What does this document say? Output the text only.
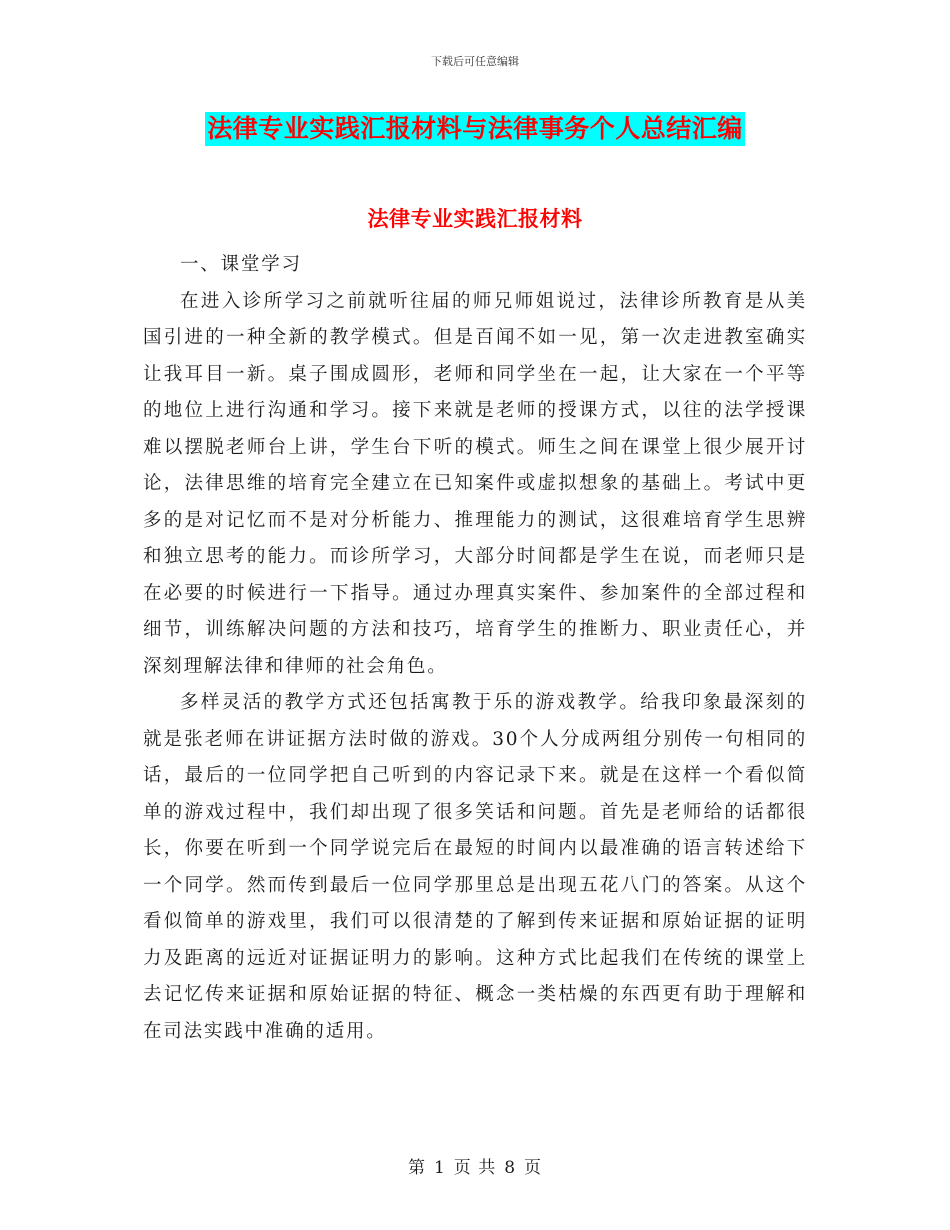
下载后可任意编辑
法律专业实践汇报材料与法律事务个人总结汇编
法律专业实践汇报材料

一、课堂学习

在进入诊所学习之前就听往届的师兄师姐说过，法律诊所教育是从美国引进的一种全新的教学模式。但是百闻不如一见，第一次走进教室确实让我耳目一新。桌子围成圆形，老师和同学坐在一起，让大家在一个平等的地位上进行沟通和学习。接下来就是老师的授课方式，以往的法学授课难以摆脱老师台上讲，学生台下听的模式。师生之间在课堂上很少展开讨论，法律思维的培育完全建立在已知案件或虚拟想象的基础上。考试中更多的是对记忆而不是对分析能力、推理能力的测试，这很难培育学生思辨和独立思考的能力。而诊所学习，大部分时间都是学生在说，而老师只是在必要的时候进行一下指导。通过办理真实案件、参加案件的全部过程和细节，训练解决问题的方法和技巧，培育学生的推断力、职业责任心，并深刻理解法律和律师的社会角色。

多样灵活的教学方式还包括寓教于乐的游戏教学。给我印象最深刻的就是张老师在讲证据方法时做的游戏。30个人分成两组分别传一句相同的话，最后的一位同学把自己听到的内容记录下来。就是在这样一个看似简单的游戏过程中，我们却出现了很多笑话和问题。首先是老师给的话都很长，你要在听到一个同学说完后在最短的时间内以最准确的语言转述给下一个同学。然而传到最后一位同学那里总是出现五花八门的答案。从这个看似简单的游戏里，我们可以很清楚的了解到传来证据和原始证据的证明力及距离的远近对证据证明力的影响。这种方式比起我们在传统的课堂上去记忆传来证据和原始证据的特征、概念一类枯燥的东西更有助于理解和在司法实践中准确的适用。

第 1 页 共 8 页
